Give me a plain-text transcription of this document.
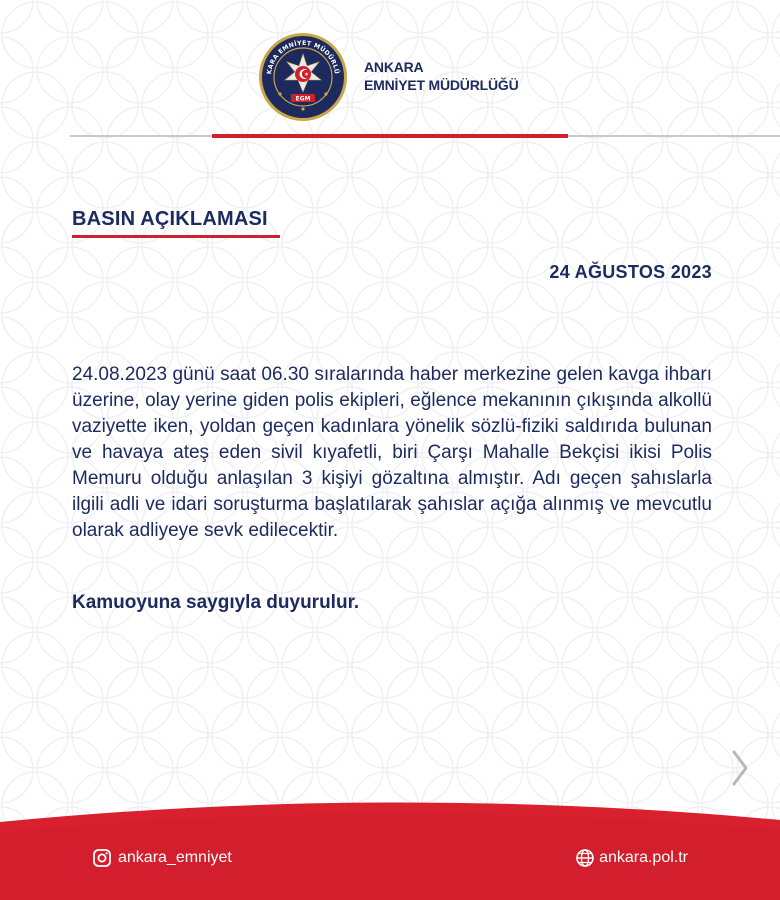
KARA EMNİYET MÜDÜRLÜ
EGM
ANKARA
EMNİYET MÜDÜRLÜĞÜ
BASIN AÇIKLAMASI
24 AĞUSTOS 2023
24.08.2023 günü saat 06.30 sıralarında haber merkezine gelen kavga ihbarı üzerine, olay yerine giden polis ekipleri, eğlence mekanının çıkışında alkollü vaziyette iken, yoldan geçen kadınlara yönelik sözlü-fiziki saldırıda bulunan ve havaya ateş eden sivil kıyafetli, biri Çarşı Mahalle Bekçisi ikisi Polis Memuru olduğu anlaşılan 3 kişiyi gözaltına almıştır. Adı geçen şahıslarla ilgili adli ve idari soruşturma başlatılarak şahıslar açığa alınmış ve mevcutlu olarak adliyeye sevk edilecektir.
Kamuoyuna saygıyla duyurulur.
ankara_emniyet	ankara.pol.tr
